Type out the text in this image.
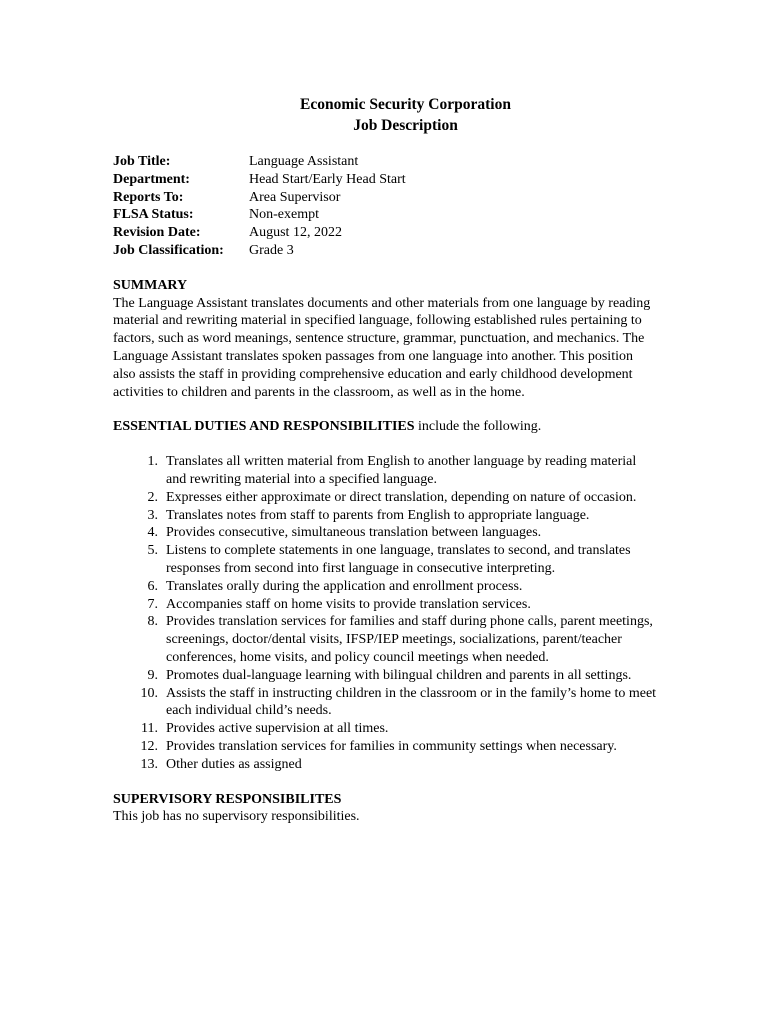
Economic Security Corporation
Job Description
Job Title:	Language Assistant
Department:	Head Start/Early Head Start
Reports To:	Area Supervisor
FLSA Status:	Non-exempt
Revision Date:	August 12, 2022
Job Classification:	Grade 3
SUMMARY

The Language Assistant translates documents and other materials from one language by reading material and rewriting material in specified language, following established rules pertaining to factors, such as word meanings, sentence structure, grammar, punctuation, and mechanics. The Language Assistant translates spoken passages from one language into another. This position also assists the staff in providing comprehensive education and early childhood development activities to children and parents in the classroom, as well as in the home.

ESSENTIAL DUTIES AND RESPONSIBILITIES include the following.
1. Translates all written material from English to another language by reading material and rewriting material into a specified language.
2. Expresses either approximate or direct translation, depending on nature of occasion.
3. Translates notes from staff to parents from English to appropriate language.
4. Provides consecutive, simultaneous translation between languages.
5. Listens to complete statements in one language, translates to second, and translates responses from second into first language in consecutive interpreting.
6. Translates orally during the application and enrollment process.
7. Accompanies staff on home visits to provide translation services.
8. Provides translation services for families and staff during phone calls, parent meetings, screenings, doctor/dental visits, IFSP/IEP meetings, socializations, parent/teacher conferences, home visits, and policy council meetings when needed.
9. Promotes dual-language learning with bilingual children and parents in all settings.
10. Assists the staff in instructing children in the classroom or in the family’s home to meet each individual child’s needs.
11. Provides active supervision at all times.
12. Provides translation services for families in community settings when necessary.
13. Other duties as assigned
SUPERVISORY RESPONSIBILITES

This job has no supervisory responsibilities.
